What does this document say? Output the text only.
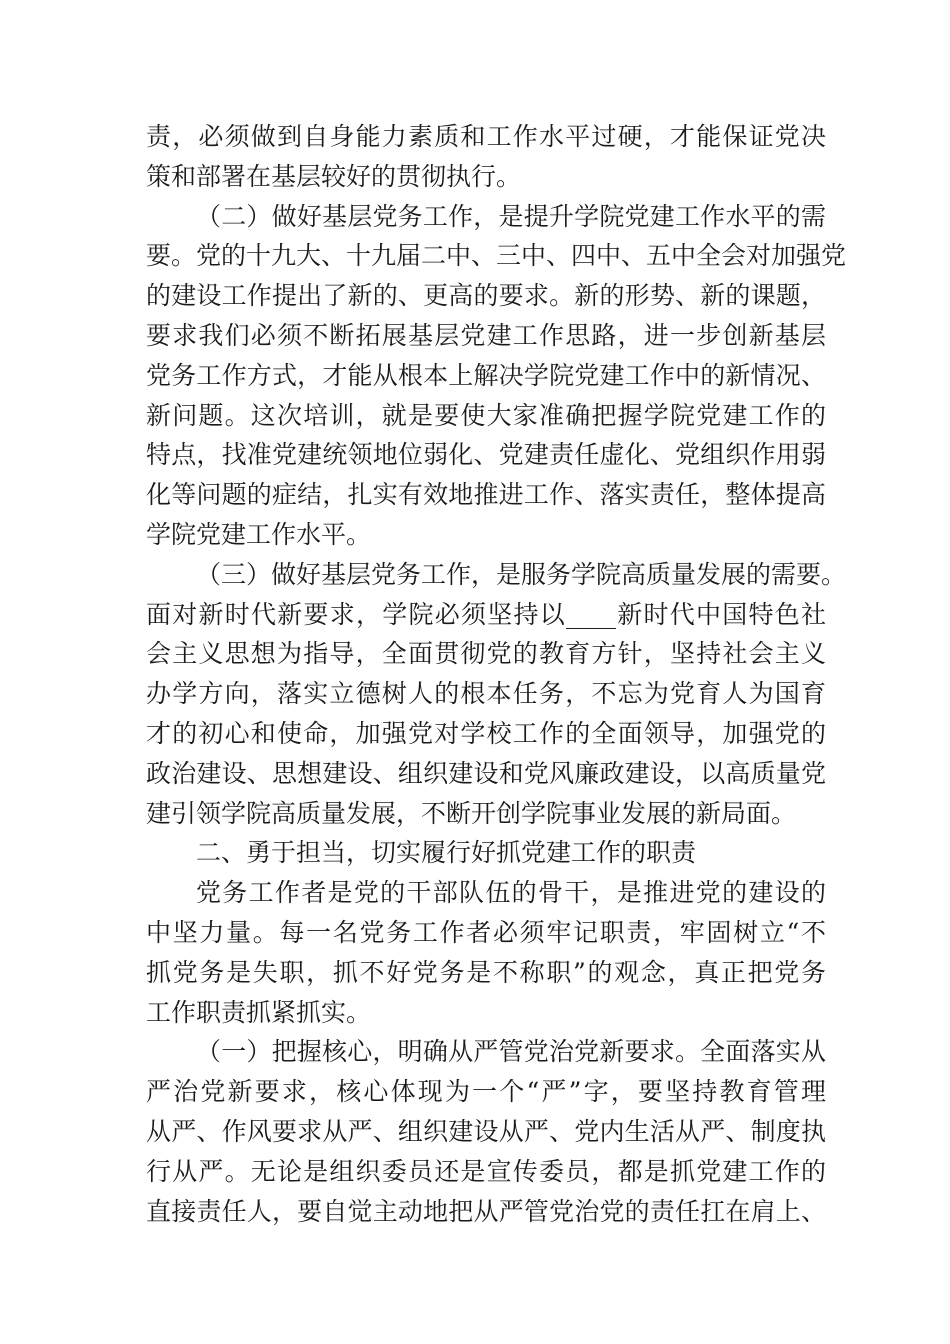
责，必须做到自身能力素质和工作水平过硬，才能保证党决
策和部署在基层较好的贯彻执行。
（二）做好基层党务工作，是提升学院党建工作水平的需
要。党的十九大、十九届二中、三中、四中、五中全会对加强党
的建设工作提出了新的、更高的要求。新的形势、新的课题，
要求我们必须不断拓展基层党建工作思路，进一步创新基层
党务工作方式，才能从根本上解决学院党建工作中的新情况、
新问题。这次培训，就是要使大家准确把握学院党建工作的
特点，找准党建统领地位弱化、党建责任虚化、党组织作用弱
化等问题的症结，扎实有效地推进工作、落实责任，整体提高
学院党建工作水平。
（三）做好基层党务工作，是服务学院高质量发展的需要。
面对新时代新要求，学院必须坚持以____新时代中国特色社
会主义思想为指导，全面贯彻党的教育方针，坚持社会主义
办学方向，落实立德树人的根本任务，不忘为党育人为国育
才的初心和使命，加强党对学校工作的全面领导，加强党的
政治建设、思想建设、组织建设和党风廉政建设，以高质量党
建引领学院高质量发展，不断开创学院事业发展的新局面。
二、勇于担当，切实履行好抓党建工作的职责
党务工作者是党的干部队伍的骨干，是推进党的建设的
中坚力量。每一名党务工作者必须牢记职责，牢固树立“不
抓党务是失职，抓不好党务是不称职”的观念，真正把党务
工作职责抓紧抓实。
（一）把握核心，明确从严管党治党新要求。全面落实从
严治党新要求，核心体现为一个“严”字，要坚持教育管理
从严、作风要求从严、组织建设从严、党内生活从严、制度执
行从严。无论是组织委员还是宣传委员，都是抓党建工作的
直接责任人，要自觉主动地把从严管党治党的责任扛在肩上、
